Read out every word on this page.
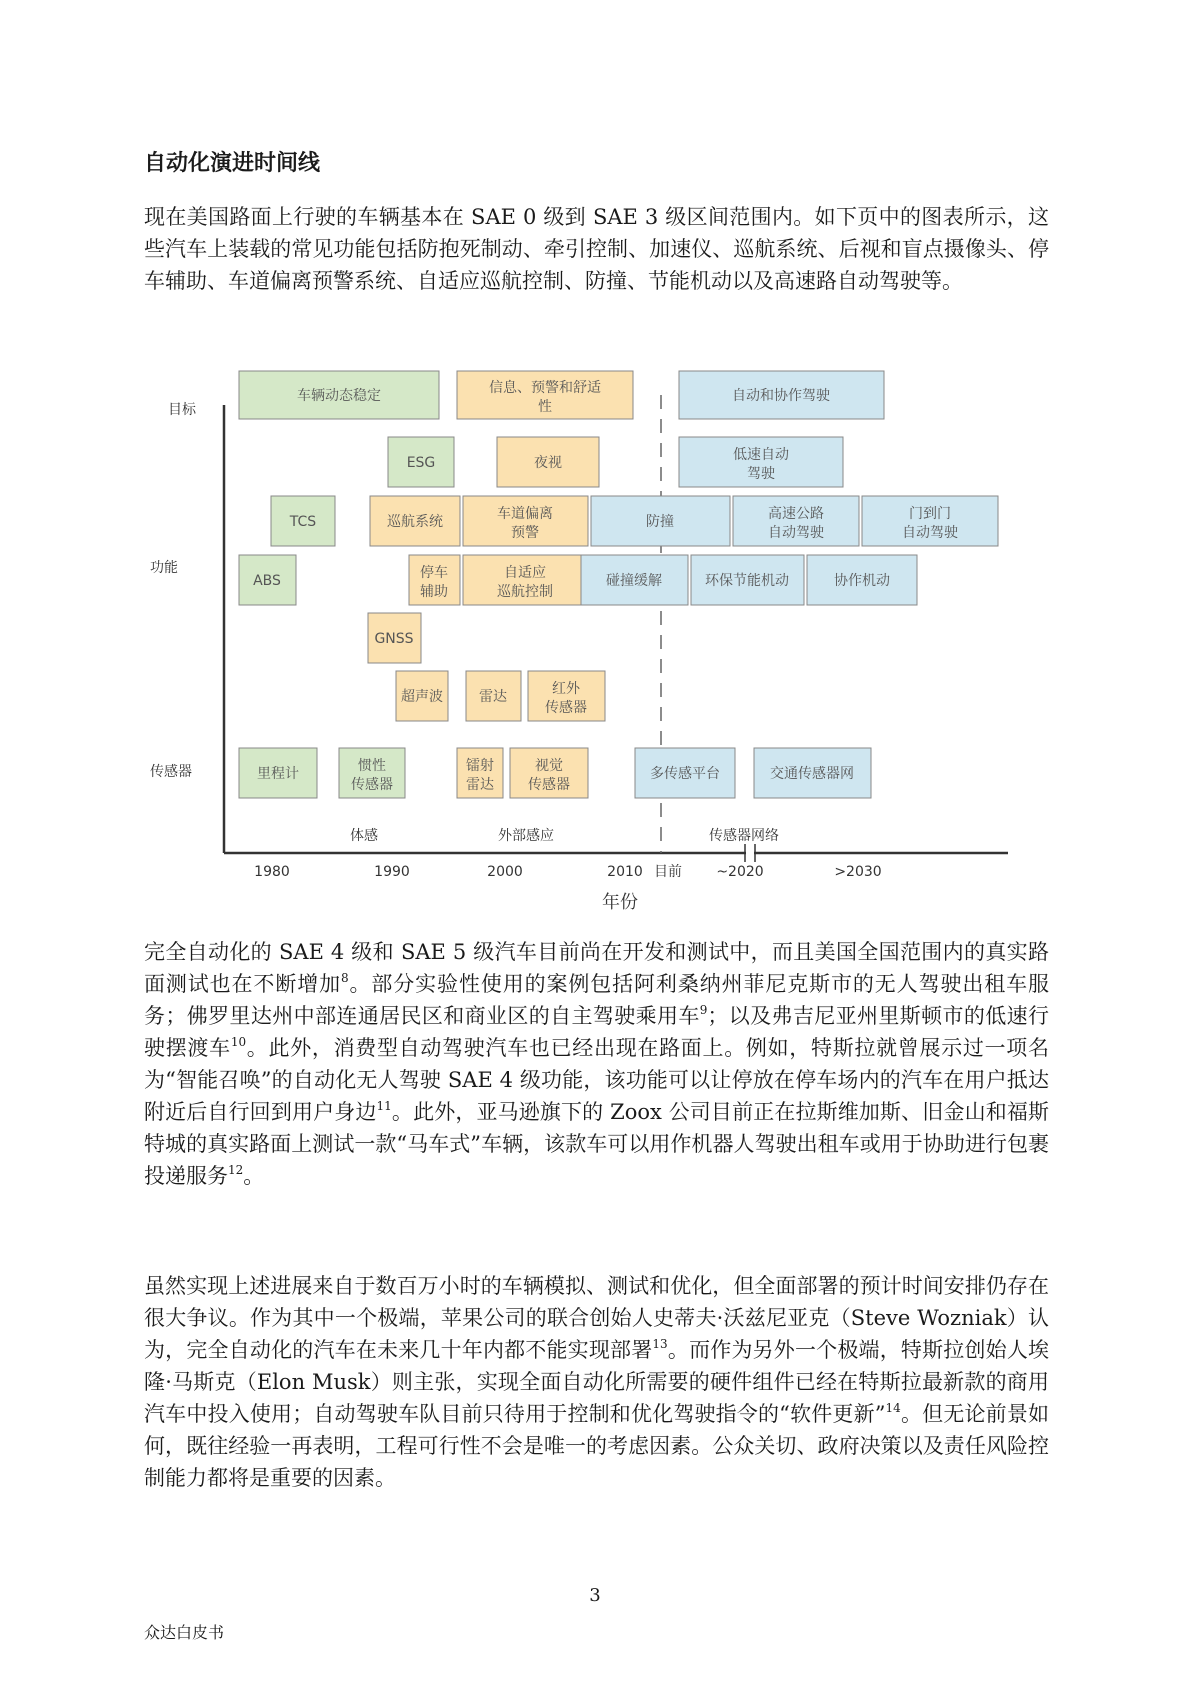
自动化演进时间线

现在美国路面上行驶的车辆基本在 SAE 0 级到 SAE 3 级区间范围内。如下页中的图表所示，这些汽车上装载的常见功能包括防抱死制动、牵引控制、加速仪、巡航系统、后视和盲点摄像头、停车辅助、车道偏离预警系统、自适应巡航控制、防撞、节能机动以及高速路自动驾驶等。

目标
功能
传感器
车辆动态稳定	信息、预警和舒适
性
自动和协作驾驶
ESG	夜视	低速自动
驾驶
TCS	巡航系统	车道偏离
预警
防撞	高速公路
自动驾驶
门到门
自动驾驶
ABS	停车
辅助
自适应
巡航控制
碰撞缓解	环保节能机动	协作机动
GNSS
超声波	雷达	红外
传感器
里程计	惯性
传感器
镭射
雷达
视觉
传感器
多传感平台	交通传感器网
体感	外部感应	传感器网络
1980	1990	2000	2010 目前 ~2020	>2030
年份

完全自动化的 SAE 4 级和 SAE 5 级汽车目前尚在开发和测试中，而且美国全国范围内的真实路面测试也在不断增加$^8$。部分实验性使用的案例包括阿利桑纳州菲尼克斯市的无人驾驶出租车服务；佛罗里达州中部连通居民区和商业区的自主驾驶乘用车$^9$；以及弗吉尼亚州里斯顿市的低速行驶摆渡车$^{10}$。此外，消费型自动驾驶汽车也已经出现在路面上。例如，特斯拉就曾展示过一项名为“智能召唤”的自动化无人驾驶 SAE 4 级功能，该功能可以让停放在停车场内的汽车在用户抵达附近后自行回到用户身边$^{11}$。此外，亚马逊旗下的 Zoox 公司目前正在拉斯维加斯、旧金山和福斯特城的真实路面上测试一款“马车式”车辆，该款车可以用作机器人驾驶出租车或用于协助进行包裹投递服务$^{12}$。

虽然实现上述进展来自于数百万小时的车辆模拟、测试和优化，但全面部署的预计时间安排仍存在很大争议。作为其中一个极端，苹果公司的联合创始人史蒂夫·沃兹尼亚克（Steve Wozniak）认为，完全自动化的汽车在未来几十年内都不能实现部署$^{13}$。而作为另外一个极端，特斯拉创始人埃隆·马斯克（Elon Musk）则主张，实现全面自动化所需要的硬件组件已经在特斯拉最新款的商用汽车中投入使用；自动驾驶车队目前只待用于控制和优化驾驶指令的“软件更新”$^{14}$。但无论前景如何，既往经验一再表明，工程可行性不会是唯一的考虑因素。公众关切、政府决策以及责任风险控制能力都将是重要的因素。

3
众达白皮书
